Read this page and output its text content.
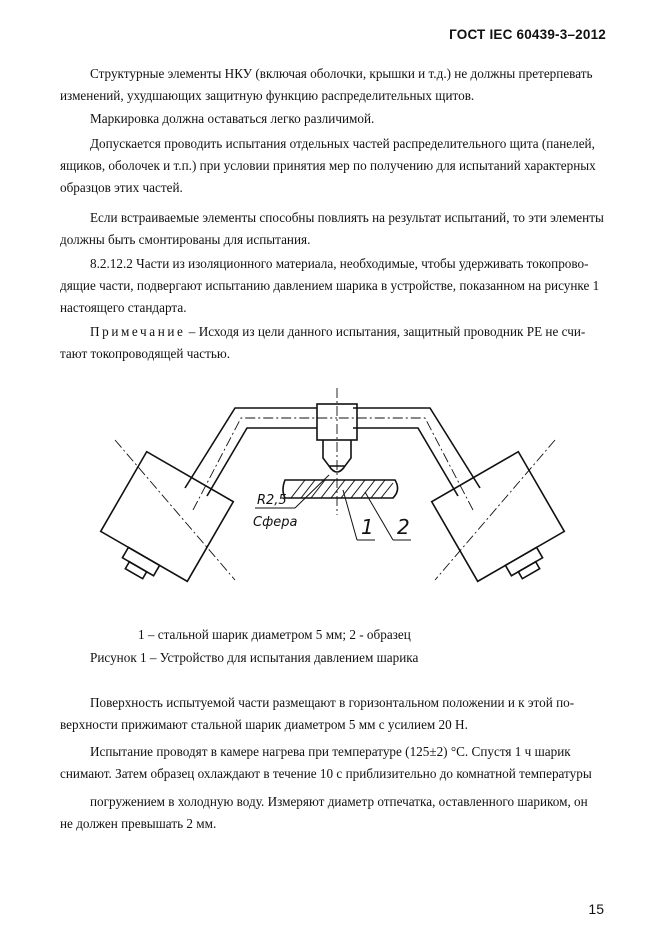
ГОСТ IEC 60439-3–2012

Структурные элементы НКУ (включая оболочки, крышки и т.д.) не должны претерпевать

изменений, ухудшающих защитную функцию распределительных щитов.

Маркировка должна оставаться легко различимой.

Допускается проводить испытания отдельных частей распределительного щита (панелей,

ящиков, оболочек и т.п.) при условии принятия мер по получению для испытаний характерных

образцов этих частей.

Если встраиваемые элементы способны повлиять на результат испытаний, то эти элементы

должны быть смонтированы для испытания.

8.2.12.2 Части из изоляционного материала, необходимые, чтобы удерживать токопрово-

дящие части, подвергают испытанию давлением шарика в устройстве, показанном на рисунке 1

настоящего стандарта.

Примечание – Исходя из цели данного испытания, защитный проводник PE не счи-

тают токопроводящей частью.

R2,5
Сфера	1 2
1 – стальной шарик диаметром 5 мм; 2 - образец
Рисунок 1 – Устройство для испытания давлением шарика

Поверхность испытуемой части размещают в горизонтальном положении и к этой по-

верхности прижимают стальной шарик диаметром 5 мм с усилием 20 Н.

Испытание проводят в камере нагрева при температуре (125±2) °С. Спустя 1 ч шарик

снимают. Затем образец охлаждают в течение 10 с приблизительно до комнатной температуры

погружением в холодную воду. Измеряют диаметр отпечатка, оставленного шариком, он

не должен превышать 2 мм.

15
